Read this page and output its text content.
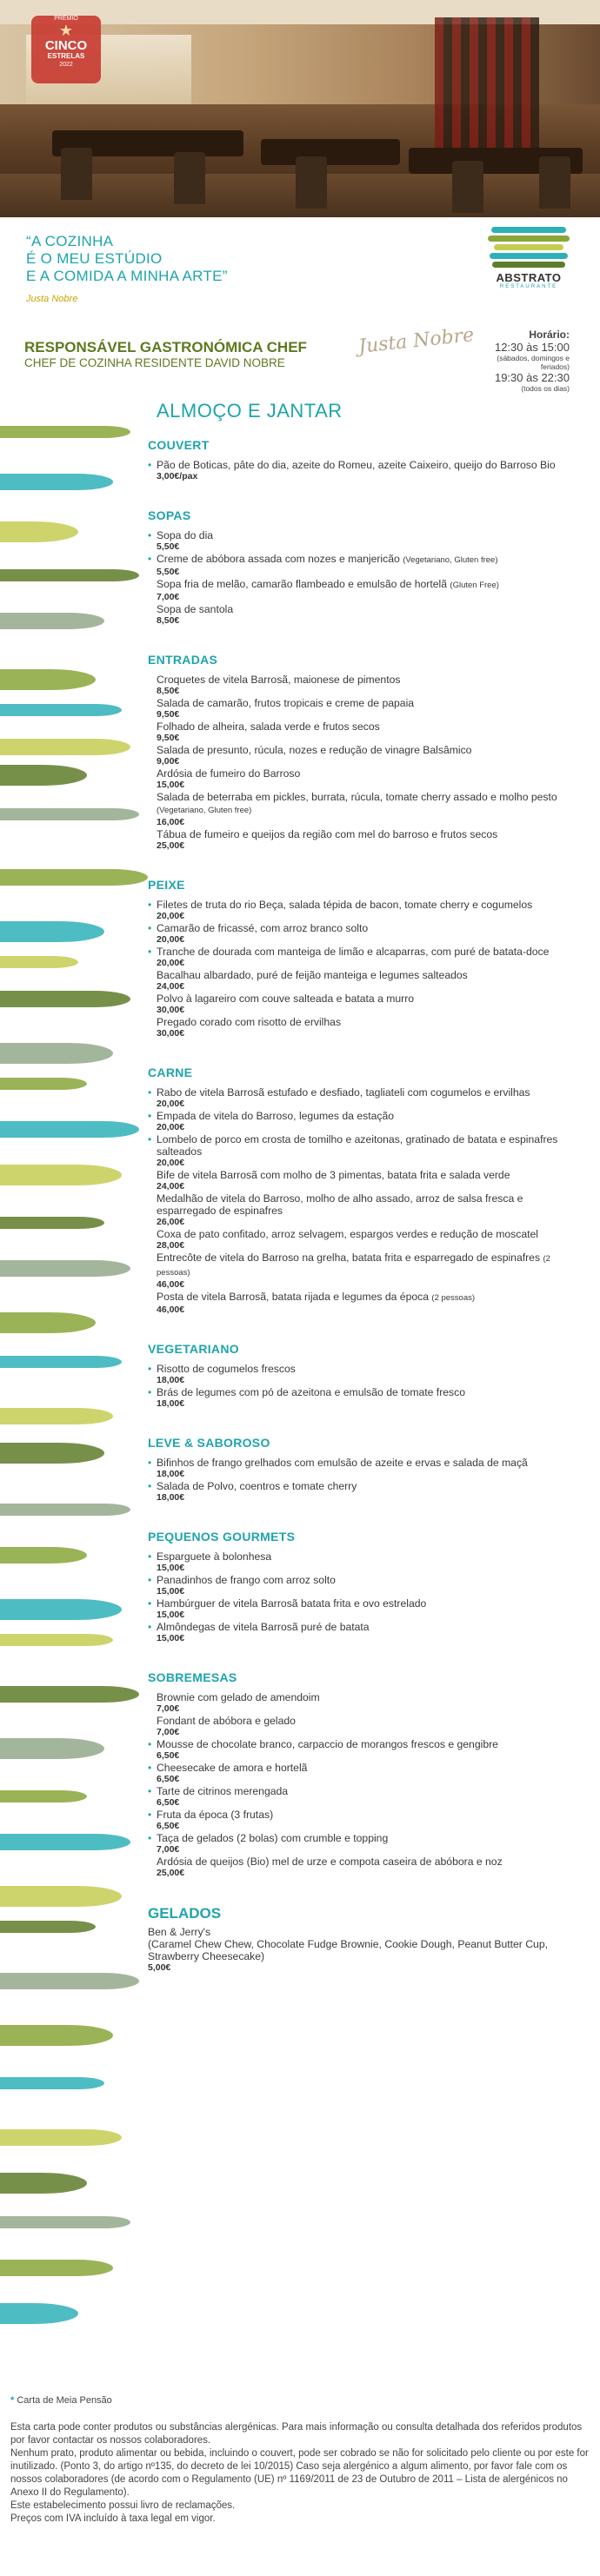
PRÉMIO
★
CINCO
ESTRELAS
2022
“A COZINHA
É O MEU ESTÚDIO
E A COMIDA A MINHA ARTE”
Justa Nobre
ABSTRATO
RESTAURANTE
RESPONSÁVEL GASTRONÓMICA CHEF
CHEF DE COZINHA RESIDENTE DAVID NOBRE
Justa Nobre	Horário:
12:30 às 15:00
(sábados, domingos e feriados)
19:30 às 22:30
(todos os dias)
ALMOÇO E JANTAR
COUVERT
• Pão de Boticas, pâte do dia, azeite do Romeu, azeite Caixeiro, queijo do Barroso Bio
3,00€/pax
SOPAS
• Sopa do dia
5,50€
• Creme de abóbora assada com nozes e manjericão (Vegetariano, Gluten free)
5,50€
Sopa fria de melão, camarão flambeado e emulsão de hortelã (Gluten Free)
7,00€
Sopa de santola
8,50€
ENTRADAS
Croquetes de vitela Barrosã, maionese de pimentos
8,50€
Salada de camarão, frutos tropicais e creme de papaia
9,50€
Folhado de alheira, salada verde e frutos secos
9,50€
Salada de presunto, rúcula, nozes e redução de vinagre Balsâmico
9,00€
Ardósia de fumeiro do Barroso
15,00€
Salada de beterraba em pickles, burrata, rúcula, tomate cherry assado e molho pesto (Vegetariano, Gluten free)
16,00€
Tábua de fumeiro e queijos da região com mel do barroso e frutos secos
25,00€
PEIXE
• Filetes de truta do rio Beça, salada tépida de bacon, tomate cherry e cogumelos
20,00€
• Camarão de fricassé, com arroz branco solto
20,00€
• Tranche de dourada com manteiga de limão e alcaparras, com puré de batata-doce
20,00€
Bacalhau albardado, puré de feijão manteiga e legumes salteados
24,00€
Polvo à lagareiro com couve salteada e batata a murro
30,00€
Pregado corado com risotto de ervilhas
30,00€
CARNE
• Rabo de vitela Barrosã estufado e desfiado, tagliateli com cogumelos e ervilhas
20,00€
• Empada de vitela do Barroso, legumes da estação
20,00€
• Lombelo de porco em crosta de tomilho e azeitonas, gratinado de batata e espinafres salteados
20,00€
Bife de vitela Barrosã com molho de 3 pimentas, batata frita e salada verde
24,00€
Medalhão de vitela do Barroso, molho de alho assado, arroz de salsa fresca e esparregado de espinafres
26,00€
Coxa de pato confitado, arroz selvagem, espargos verdes e redução de moscatel
28,00€
Entrecôte de vitela do Barroso na grelha, batata frita e esparregado de espinafres (2 pessoas)
46,00€
Posta de vitela Barrosã, batata rijada e legumes da época (2 pessoas)
46,00€
VEGETARIANO
• Risotto de cogumelos frescos
18,00€
• Brás de legumes com pó de azeitona e emulsão de tomate fresco
18,00€
LEVE & SABOROSO
• Bifinhos de frango grelhados com emulsão de azeite e ervas e salada de maçã
18,00€
• Salada de Polvo, coentros e tomate cherry
18,00€
PEQUENOS GOURMETS
• Esparguete à bolonhesa
15,00€
• Panadinhos de frango com arroz solto
15,00€
• Hambúrguer de vitela Barrosã batata frita e ovo estrelado
15,00€
• Almôndegas de vitela Barrosã puré de batata
15,00€
SOBREMESAS
Brownie com gelado de amendoim
7,00€
Fondant de abóbora e gelado
7,00€
• Mousse de chocolate branco, carpaccio de morangos frescos e gengibre
6,50€
• Cheesecake de amora e hortelã
6,50€
• Tarte de citrinos merengada
6,50€
• Fruta da época (3 frutas)
6,50€
• Taça de gelados (2 bolas) com crumble e topping
7,00€
Ardósia de queijos (Bio) mel de urze e compota caseira de abóbora e noz
25,00€
GELADOS
Ben & Jerry's
(Caramel Chew Chew, Chocolate Fudge Brownie, Cookie Dough, Peanut Butter Cup, Strawberry Cheesecake)
5,00€
* Carta de Meia Pensão
Esta carta pode conter produtos ou substâncias alergénicas. Para mais informação ou consulta detalhada dos referidos produtos por favor contactar os nossos colaboradores.
Nenhum prato, produto alimentar ou bebida, incluindo o couvert, pode ser cobrado se não for solicitado pelo cliente ou por este for inutilizado. (Ponto 3, do artigo nº135, do decreto de lei 10/2015) Caso seja alergénico a algum alimento, por favor fale com os nossos colaboradores (de acordo com o Regulamento (UE) nº 1169/2011 de 23 de Outubro de 2011 – Lista de alergénicos no Anexo II do Regulamento).
Este estabelecimento possui livro de reclamações.
Preços com IVA incluído à taxa legal em vigor.
